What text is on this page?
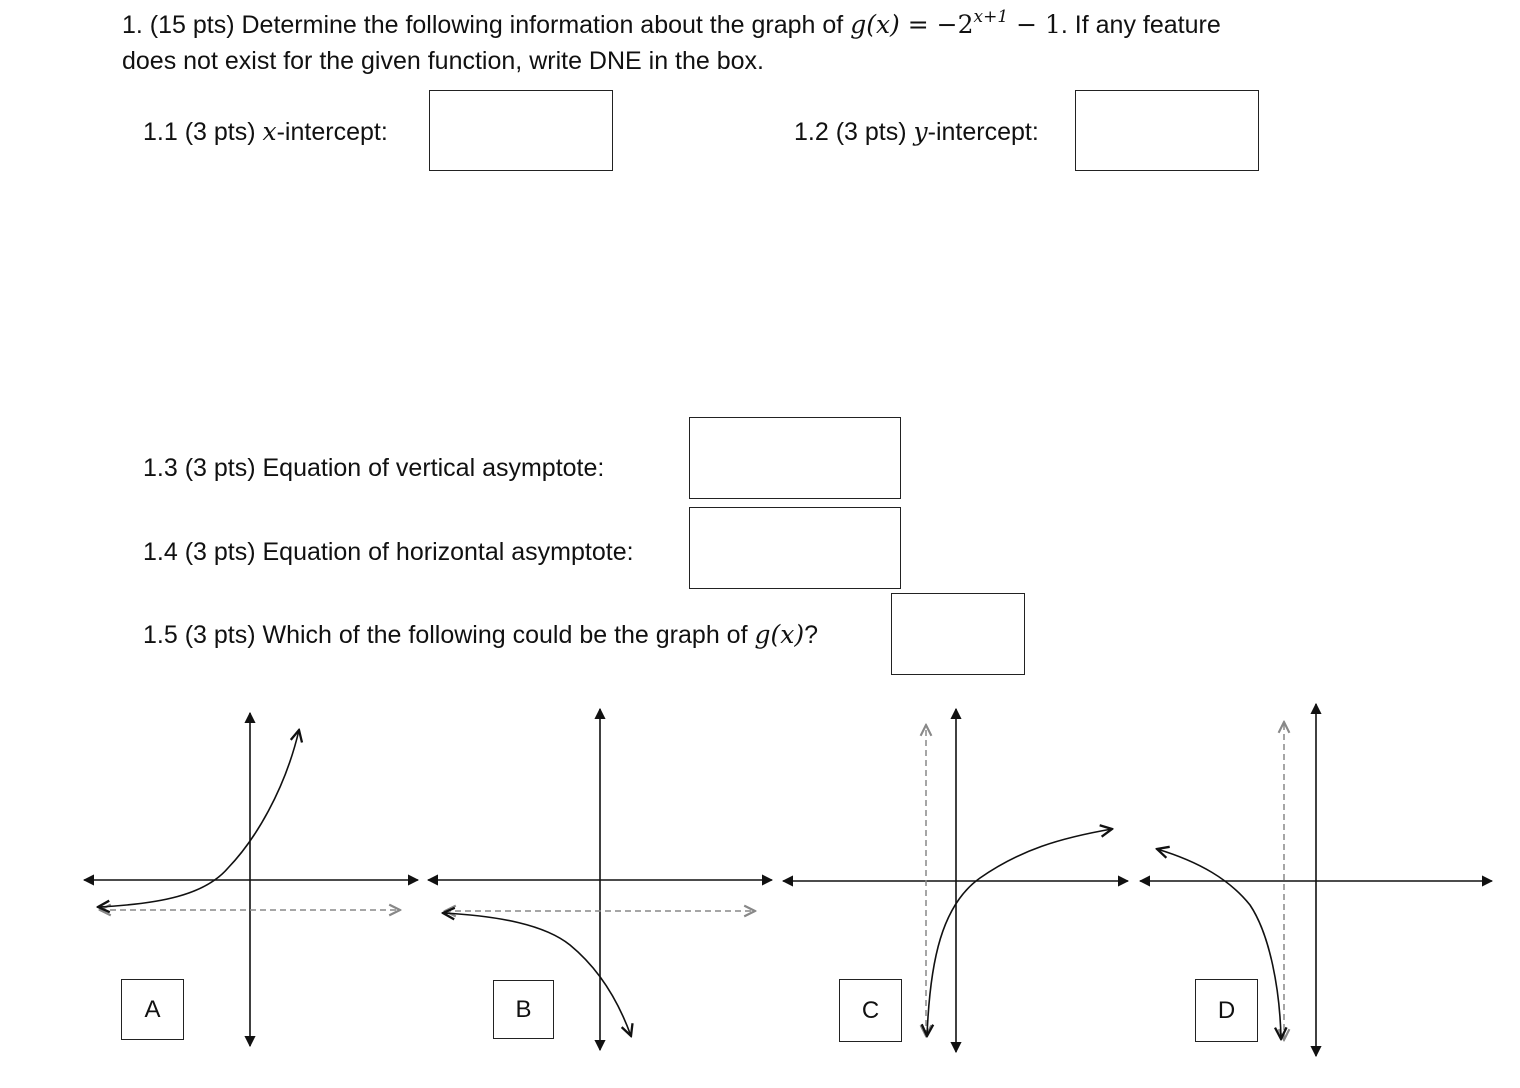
1. (15 pts) Determine the following information about the graph of $g(x) = -2^{x+1} - 1$. If any feature
does not exist for the given function, write DNE in the box.
1.1 (3 pts) x-intercept:	1.2 (3 pts) y-intercept:
1.3 (3 pts) Equation of vertical asymptote:
1.4 (3 pts) Equation of horizontal asymptote:
1.5 (3 pts) Which of the following could be the graph of g(x)?
A	B	C	D
